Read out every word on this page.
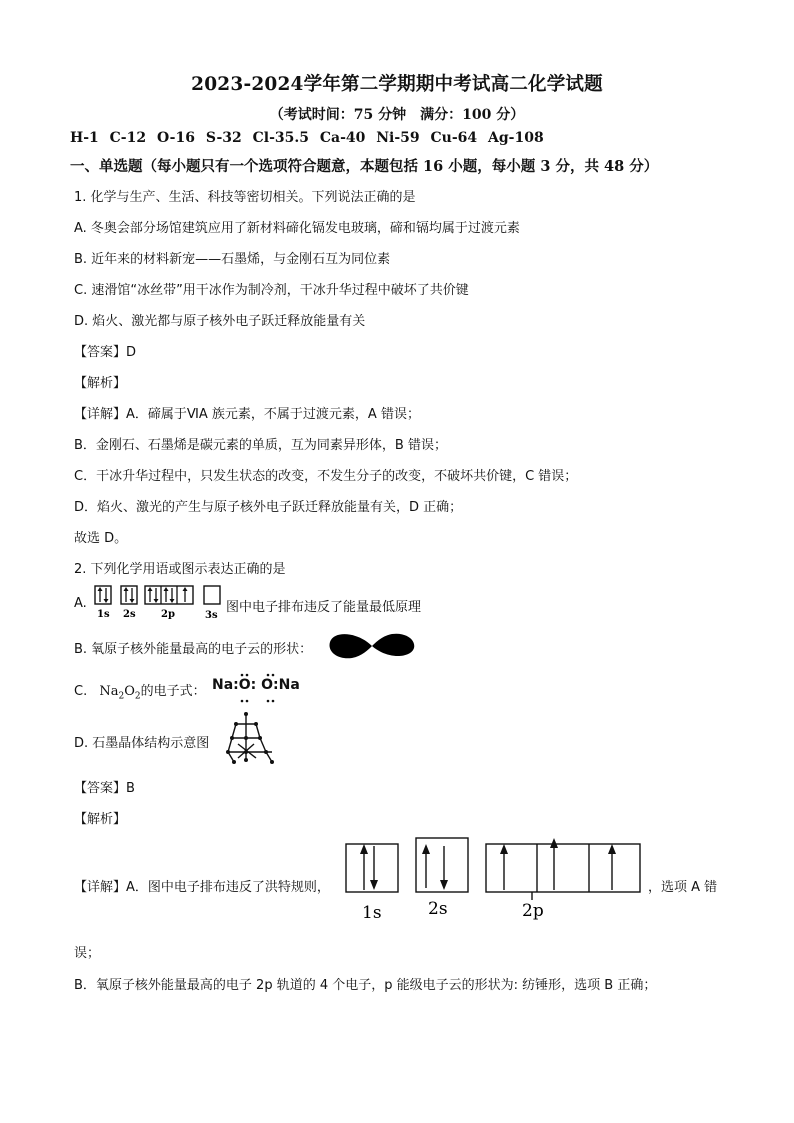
2023-2024学年第二学期期中考试高二化学试题
（考试时间：75 分钟　满分：100 分）
H-1 C-12 O-16 S-32 Cl-35.5 Ca-40 Ni-59 Cu-64 Ag-108
一、单选题（每小题只有一个选项符合题意，本题包括 16 小题，每小题 3 分，共 48 分）
1. 化学与生产、生活、科技等密切相关。下列说法正确的是
A. 冬奥会部分场馆建筑应用了新材料碲化镉发电玻璃，碲和镉均属于过渡元素
B. 近年来的材料新宠——石墨烯，与金刚石互为同位素
C. 速滑馆“冰丝带”用干冰作为制冷剂，干冰升华过程中破坏了共价键
D. 焰火、激光都与原子核外电子跃迁释放能量有关
【答案】D
【解析】
【详解】A．碲属于ⅥA 族元素，不属于过渡元素，A 错误；
B．金刚石、石墨烯是碳元素的单质，互为同素异形体，B 错误；
C．干冰升华过程中，只发生状态的改变，不发生分子的改变，不破坏共价键，C 错误；
D．焰火、激光的产生与原子核外电子跃迁释放能量有关，D 正确；
故选 D。
2. 下列化学用语或图示表达正确的是
A.
1s 2s	2p	3s
图中电子排布违反了能量最低原理
B. 氧原子核外能量最高的电子云的形状：
C. $Na_2O_2$的电子式： Na:O: O:Na
D. 石墨晶体结构示意图
【答案】B
【解析】
【详解】A．图中电子排布违反了洪特规则，
1s	2s	2p
，选项 A 错
误；
B．氧原子核外能量最高的电子 2p 轨道的 4 个电子，p 能级电子云的形状为: 纺锤形，选项 B 正确；
